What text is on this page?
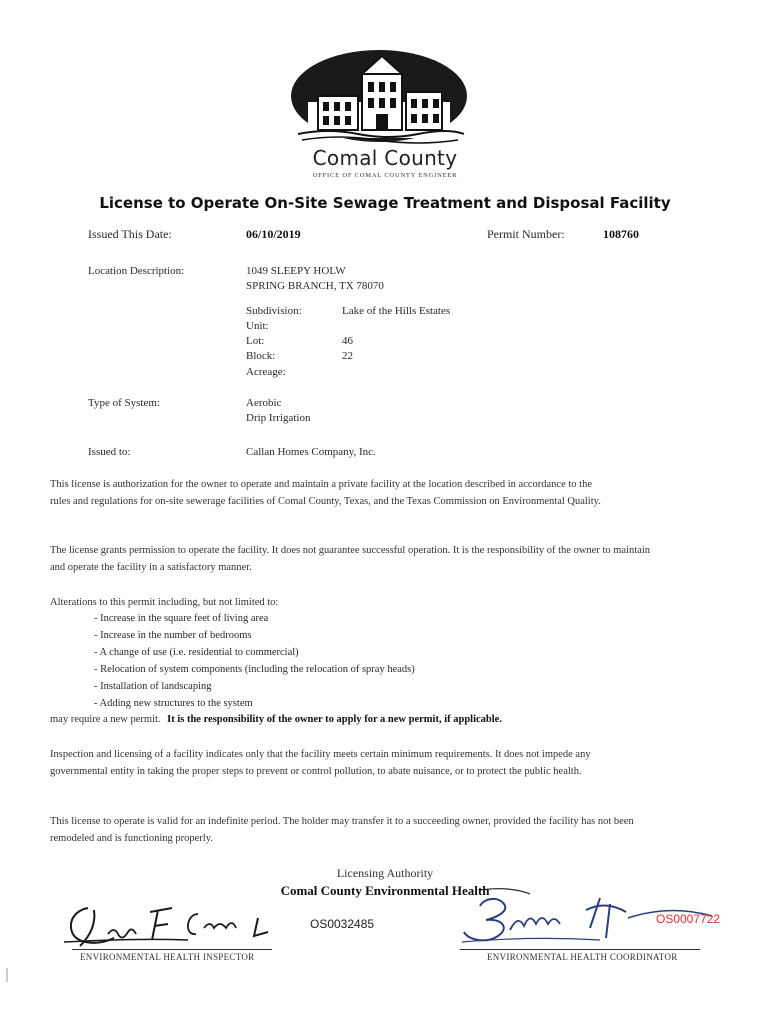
Comal County
OFFICE OF COMAL COUNTY ENGINEER
License to Operate On-Site Sewage Treatment and Disposal Facility
Issued This Date:	06/10/2019	Permit Number:	108760
Location Description:	1049 SLEEPY HOLW
SPRING BRANCH, TX 78070
Subdivision:	Lake of the Hills Estates
Unit:
Lot:	46
Block:	22
Acreage:
Type of System:	Aerobic
Drip Irrigation
Issued to:	Callan Homes Company, Inc.
This license is authorization for the owner to operate and maintain a private facility at the location described in accordance to the rules and regulations for on-site sewerage facilities of Comal County, Texas, and the Texas Commission on Environmental Quality.
The license grants permission to operate the facility. It does not guarantee successful operation. It is the responsibility of the owner to maintain and operate the facility in a satisfactory manner.
Alterations to this permit including, but not limited to:
- Increase in the square feet of living area
- Increase in the number of bedrooms
- A change of use (i.e. residential to commercial)
- Relocation of system components (including the relocation of spray heads)
- Installation of landscaping
- Adding new structures to the system
may require a new permit. It is the responsibility of the owner to apply for a new permit, if applicable.
Inspection and licensing of a facility indicates only that the facility meets certain minimum requirements. It does not impede any governmental entity in taking the proper steps to prevent or control pollution, to abate nuisance, or to protect the public health.
This license to operate is valid for an indefinite period. The holder may transfer it to a succeeding owner, provided the facility has not been remodeled and is functioning properly.
Licensing Authority
Comal County Environmental Health
ENVIRONMENTAL HEALTH INSPECTOR
OS0032485
ENVIRONMENTAL HEALTH COORDINATOR
OS0007722
